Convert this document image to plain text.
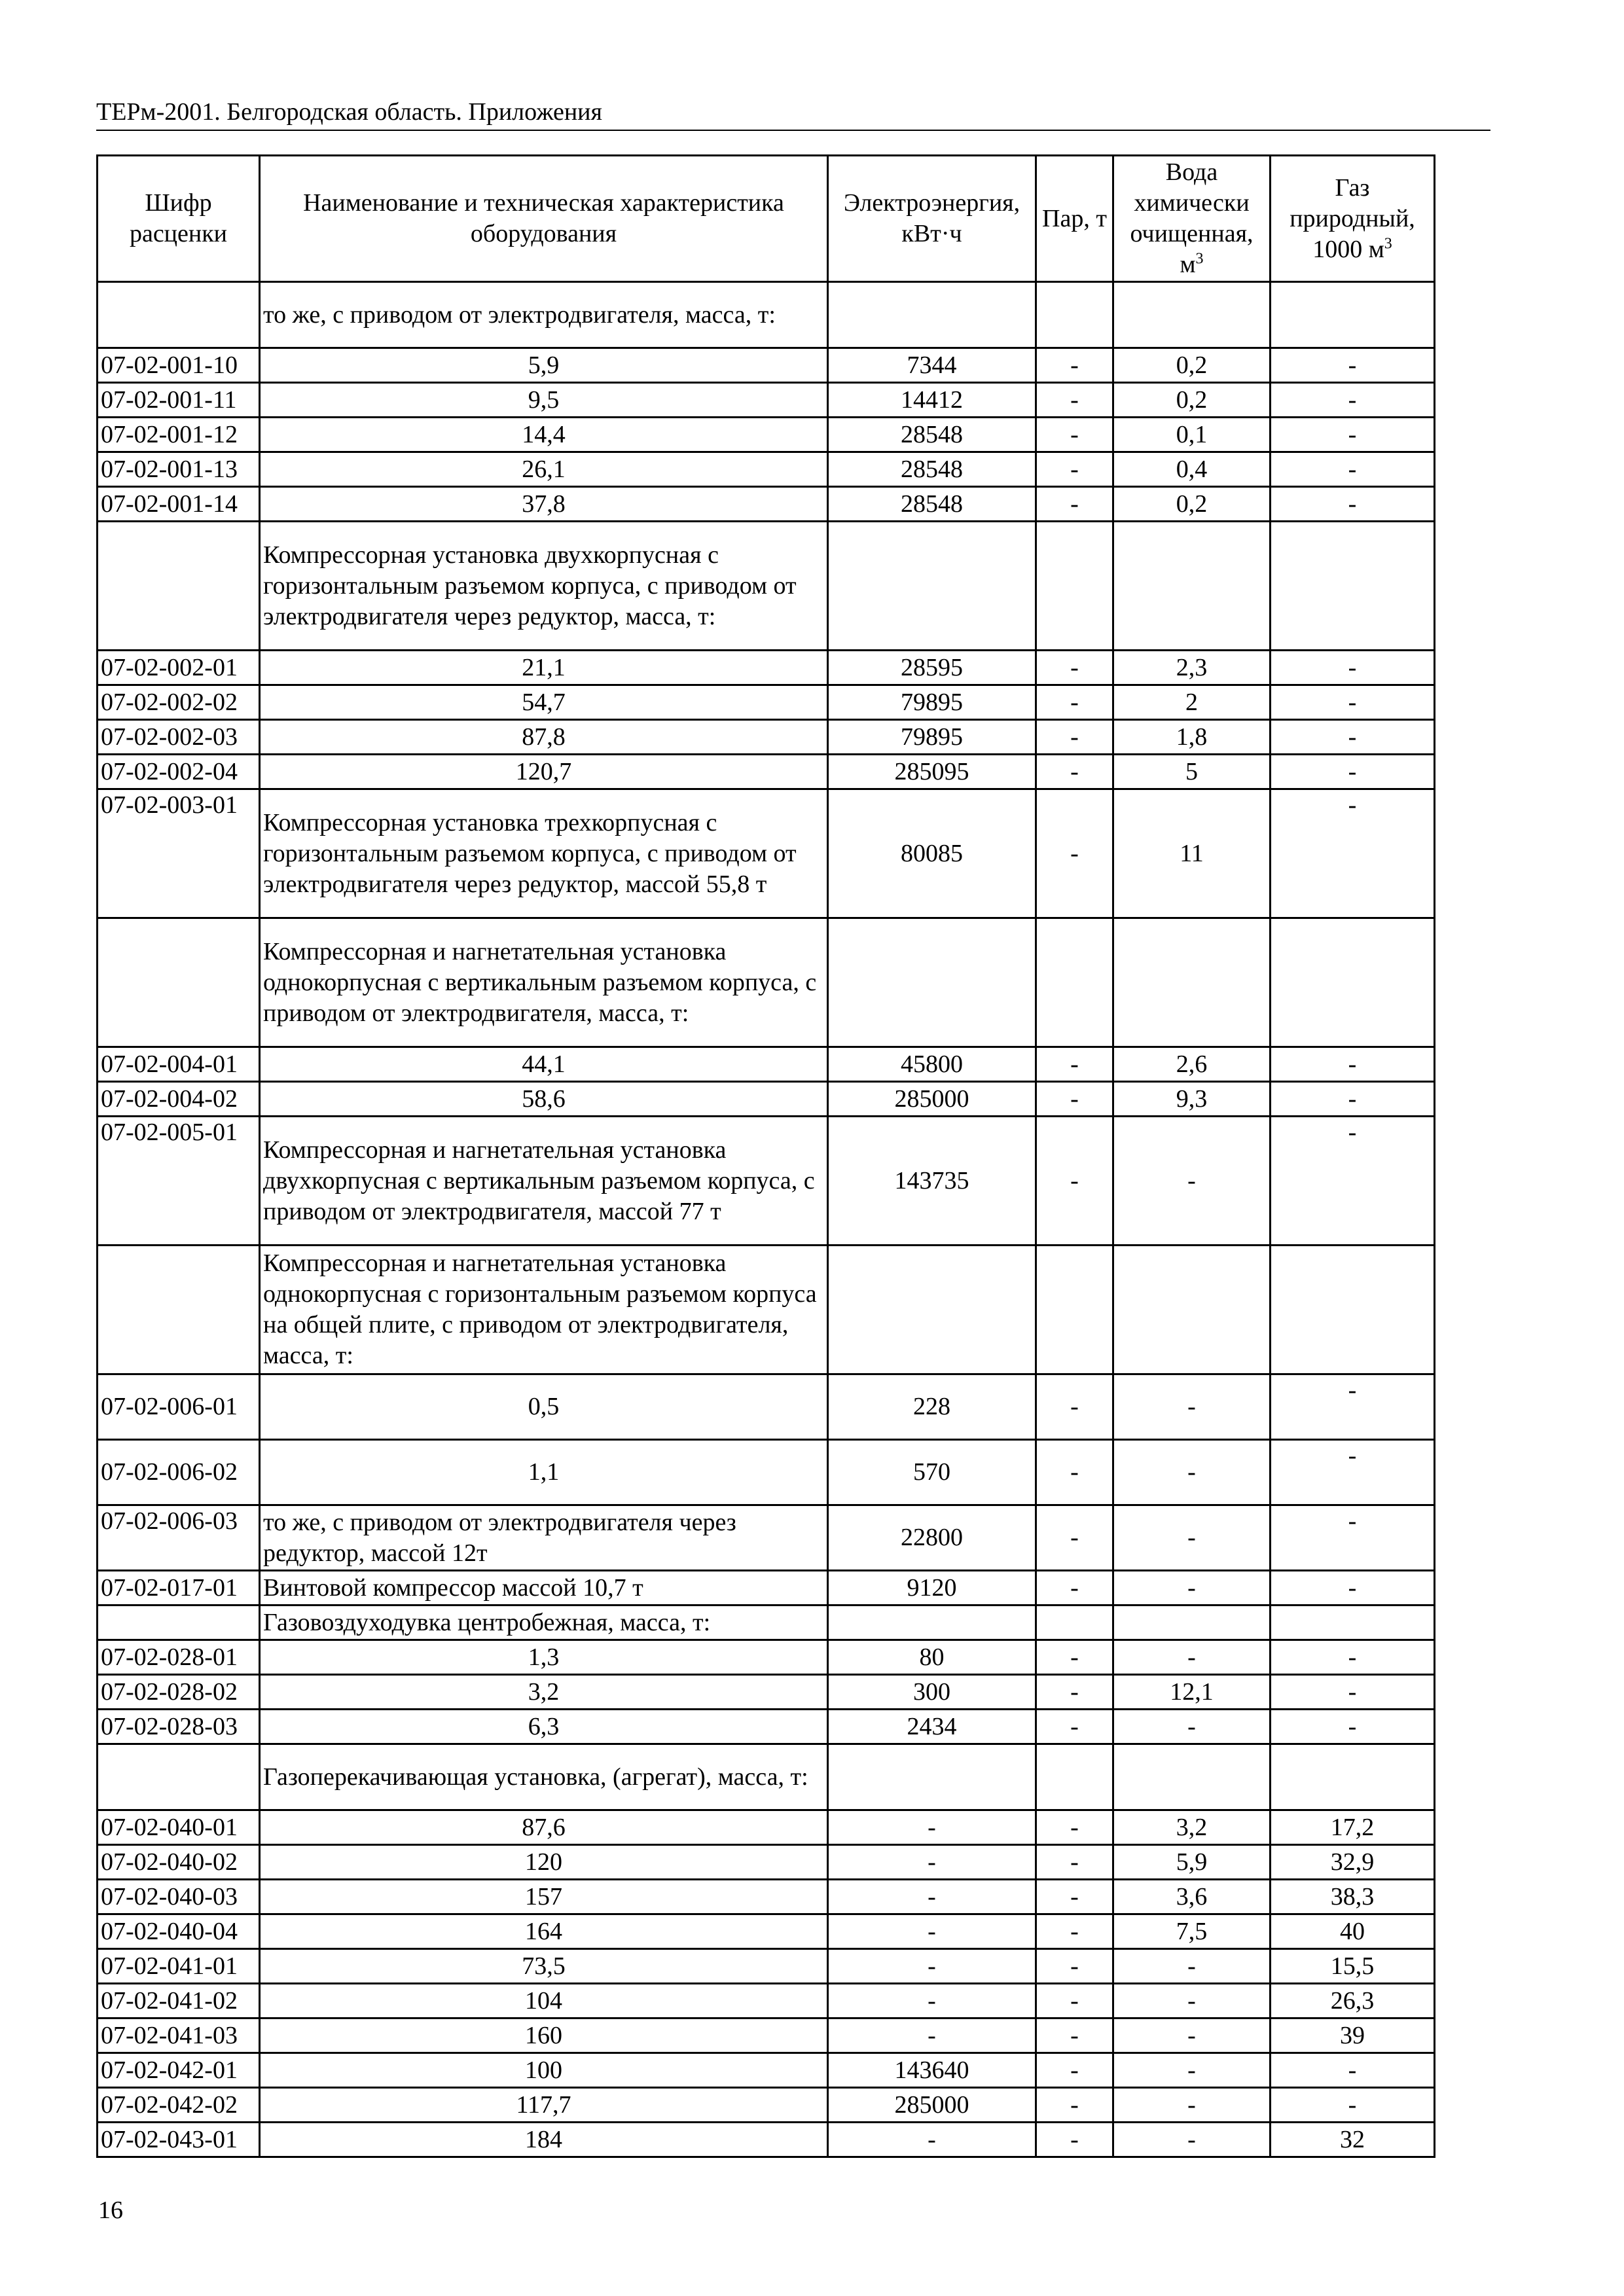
ТЕРм-2001. Белгородская область. Приложения
Шифр расценки	Наименование и техническая характеристика оборудования	Электроэнергия, кВт·ч	Пар, т	Вода химически очищенная, $м^3$	Газ природный, 1000 $м^3$
	то же, с приводом от электродвигателя, масса, т:				
07-02-001-10	5,9	7344	-	0,2	-
07-02-001-11	9,5	14412	-	0,2	-
07-02-001-12	14,4	28548	-	0,1	-
07-02-001-13	26,1	28548	-	0,4	-
07-02-001-14	37,8	28548	-	0,2	-
	Компрессорная установка двухкорпусная с горизонтальным разъемом корпуса, с приводом от электродвигателя через редуктор, масса, т:				
07-02-002-01	21,1	28595	-	2,3	-
07-02-002-02	54,7	79895	-	2	-
07-02-002-03	87,8	79895	-	1,8	-
07-02-002-04	120,7	285095	-	5	-
07-02-003-01	Компрессорная установка трехкорпусная с горизонтальным разъемом корпуса, с приводом от электродвигателя через редуктор, массой 55,8 т	80085	-	11	-
	Компрессорная и нагнетательная установка однокорпусная с вертикальным разъемом корпуса, с приводом от электродвигателя, масса, т:				
07-02-004-01	44,1	45800	-	2,6	-
07-02-004-02	58,6	285000	-	9,3	-
07-02-005-01	Компрессорная и нагнетательная установка двухкорпусная с вертикальным разъемом корпуса, с приводом от электродвигателя, массой 77 т	143735	-	-	-
	Компрессорная и нагнетательная установка однокорпусная с горизонтальным разъемом корпуса на общей плите, с приводом от электродвигателя, масса, т:				
07-02-006-01	0,5	228	-	-	-
07-02-006-02	1,1	570	-	-	-
07-02-006-03	то же, с приводом от электродвигателя через редуктор, массой 12т	22800	-	-	-
07-02-017-01	Винтовой компрессор массой 10,7 т	9120	-	-	-
	Газовоздуходувка центробежная, масса, т:				
07-02-028-01	1,3	80	-	-	-
07-02-028-02	3,2	300	-	12,1	-
07-02-028-03	6,3	2434	-	-	-
	Газоперекачивающая установка, (агрегат), масса, т:				
07-02-040-01	87,6	-	-	3,2	17,2
07-02-040-02	120	-	-	5,9	32,9
07-02-040-03	157	-	-	3,6	38,3
07-02-040-04	164	-	-	7,5	40
07-02-041-01	73,5	-	-	-	15,5
07-02-041-02	104	-	-	-	26,3
07-02-041-03	160	-	-	-	39
07-02-042-01	100	143640	-	-	-
07-02-042-02	117,7	285000	-	-	-
07-02-043-01	184	-	-	-	32
16
